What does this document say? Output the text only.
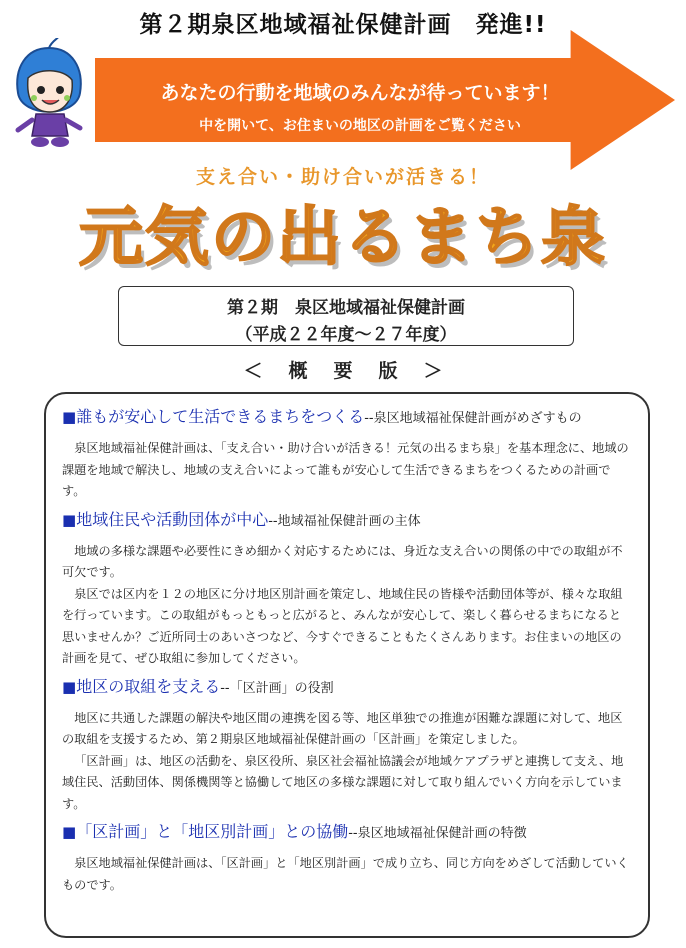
第２期泉区地域福祉保健計画　発進!!
あなたの行動を地域のみんなが待っています！
中を開いて、お住まいの地区の計画をご覧ください
支え合い・助け合いが活きる！
元気の出るまち泉
第２期　泉区地域福祉保健計画
（平成２２年度～２７年度）
＜概要版＞
■誰もが安心して生活できるまちをつくる--泉区地域福祉保健計画がめざすもの

泉区地域福祉保健計画は、「支え合い・助け合いが活きる！元気の出るまち泉」を基本理念に、地域の課題を地域で解決し、地域の支え合いによって誰もが安心して生活できるまちをつくるための計画です。

■地域住民や活動団体が中心--地域福祉保健計画の主体

地域の多様な課題や必要性にきめ細かく対応するためには、身近な支え合いの関係の中での取組が不可欠です。

泉区では区内を１２の地区に分け地区別計画を策定し、地域住民の皆様や活動団体等が、様々な取組を行っています。この取組がもっともっと広がると、みんなが安心して、楽しく暮らせるまちになると思いませんか？ご近所同士のあいさつなど、今すぐできることもたくさんあります。お住まいの地区の計画を見て、ぜひ取組に参加してください。

■地区の取組を支える--「区計画」の役割

地区に共通した課題の解決や地区間の連携を図る等、地区単独での推進が困難な課題に対して、地区の取組を支援するため、第２期泉区地域福祉保健計画の「区計画」を策定しました。

「区計画」は、地区の活動を、泉区役所、泉区社会福祉協議会が地域ケアプラザと連携して支え、地域住民、活動団体、関係機関等と協働して地区の多様な課題に対して取り組んでいく方向を示しています。

■「区計画」と「地区別計画」との協働--泉区地域福祉保健計画の特徴

泉区地域福祉保健計画は、「区計画」と「地区別計画」で成り立ち、同じ方向をめざして活動していくものです。
